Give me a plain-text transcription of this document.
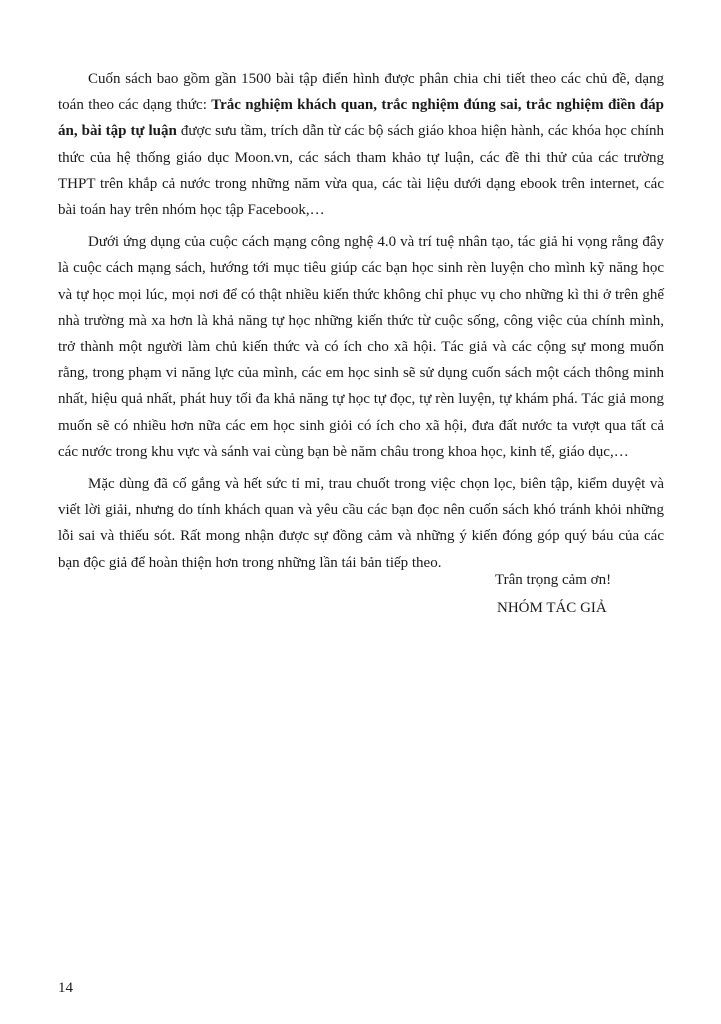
Cuốn sách bao gồm gần 1500 bài tập điển hình được phân chia chi tiết theo các chủ đề, dạng toán theo các dạng thức: Trắc nghiệm khách quan, trắc nghiệm đúng sai, trắc nghiệm điền đáp án, bài tập tự luận được sưu tầm, trích dẫn từ các bộ sách giáo khoa hiện hành, các khóa học chính thức của hệ thống giáo dục Moon.vn, các sách tham khảo tự luận, các đề thi thử của các trường THPT trên khắp cả nước trong những năm vừa qua, các tài liệu dưới dạng ebook trên internet, các bài toán hay trên nhóm học tập Facebook,…

Dưới ứng dụng của cuộc cách mạng công nghệ 4.0 và trí tuệ nhân tạo, tác giả hi vọng rằng đây là cuộc cách mạng sách, hướng tới mục tiêu giúp các bạn học sinh rèn luyện cho mình kỹ năng học và tự học mọi lúc, mọi nơi để có thật nhiều kiến thức không chỉ phục vụ cho những kì thi ở trên ghế nhà trường mà xa hơn là khả năng tự học những kiến thức từ cuộc sống, công việc của chính mình, trở thành một người làm chủ kiến thức và có ích cho xã hội. Tác giả và các cộng sự mong muốn rằng, trong phạm vi năng lực của mình, các em học sinh sẽ sử dụng cuốn sách một cách thông minh nhất, hiệu quả nhất, phát huy tối đa khả năng tự học tự đọc, tự rèn luyện, tự khám phá. Tác giả mong muốn sẽ có nhiều hơn nữa các em học sinh giỏi có ích cho xã hội, đưa đất nước ta vượt qua tất cả các nước trong khu vực và sánh vai cùng bạn bè năm châu trong khoa học, kinh tế, giáo dục,…

Mặc dùng đã cố gắng và hết sức tỉ mỉ, trau chuốt trong việc chọn lọc, biên tập, kiểm duyệt và viết lời giải, nhưng do tính khách quan và yêu cầu các bạn đọc nên cuốn sách khó tránh khỏi những lỗi sai và thiếu sót. Rất mong nhận được sự đồng cảm và những ý kiến đóng góp quý báu của các bạn độc giả để hoàn thiện hơn trong những lần tái bản tiếp theo.

Trân trọng cảm ơn!
NHÓM TÁC GIẢ
14
